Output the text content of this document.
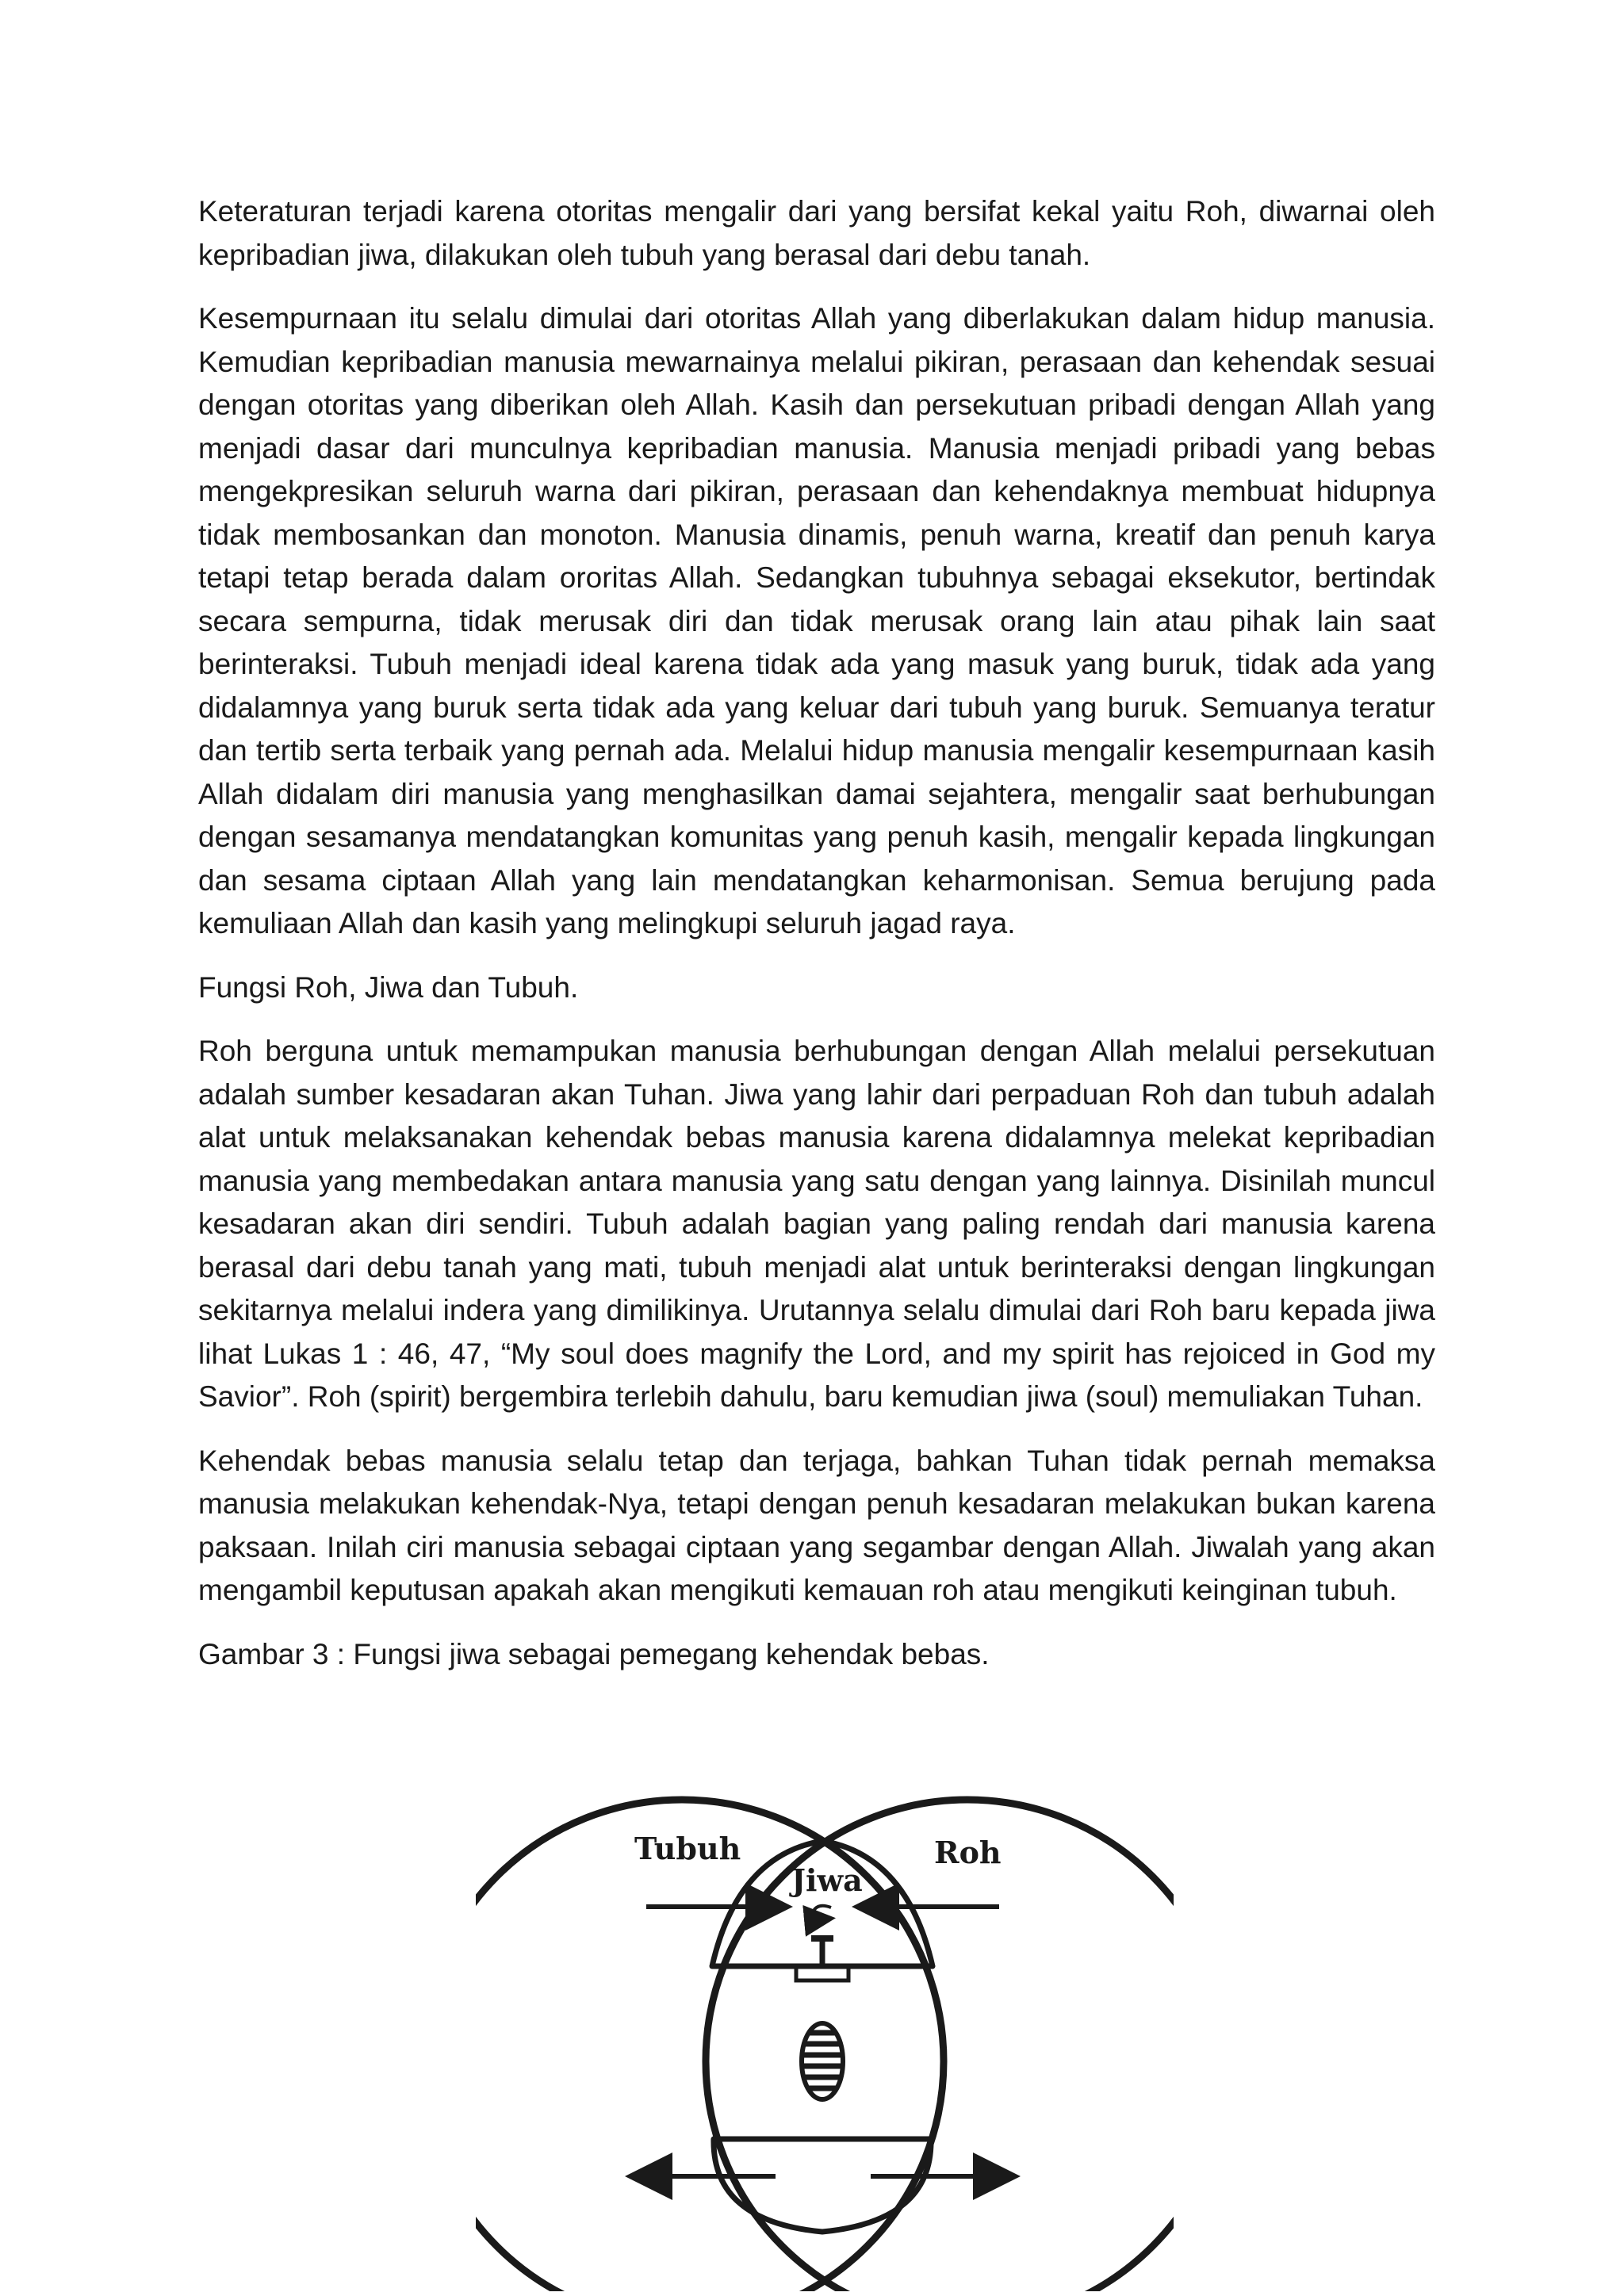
Keteraturan terjadi karena otoritas mengalir dari yang bersifat kekal yaitu Roh, diwarnai oleh kepribadian jiwa, dilakukan oleh tubuh yang berasal dari debu tanah.

Kesempurnaan itu selalu dimulai dari otoritas Allah yang diberlakukan dalam hidup manusia. Kemudian kepribadian manusia mewarnainya melalui pikiran, perasaan dan kehendak sesuai dengan otoritas yang diberikan oleh Allah. Kasih dan persekutuan pribadi dengan Allah yang menjadi dasar dari munculnya kepribadian manusia. Manusia menjadi pribadi yang bebas mengekpresikan seluruh warna dari pikiran, perasaan dan kehendaknya membuat hidupnya tidak membosankan dan monoton. Manusia dinamis, penuh warna, kreatif dan penuh karya tetapi tetap berada dalam ororitas Allah. Sedangkan tubuhnya sebagai eksekutor, bertindak secara sempurna, tidak merusak diri dan tidak merusak orang lain atau pihak lain saat berinteraksi. Tubuh menjadi ideal karena tidak ada yang masuk yang buruk, tidak ada yang didalamnya yang buruk serta tidak ada yang keluar dari tubuh yang buruk. Semuanya teratur dan tertib serta terbaik yang pernah ada. Melalui hidup manusia mengalir kesempurnaan kasih Allah didalam diri manusia yang menghasilkan damai sejahtera, mengalir saat berhubungan dengan sesamanya mendatangkan komunitas yang penuh kasih, mengalir kepada lingkungan dan sesama ciptaan Allah yang lain mendatangkan keharmonisan. Semua berujung pada kemuliaan Allah dan kasih yang melingkupi seluruh jagad raya.

Fungsi Roh, Jiwa dan Tubuh.

Roh berguna untuk memampukan manusia berhubungan dengan Allah melalui persekutuan adalah sumber kesadaran akan Tuhan. Jiwa yang lahir dari perpaduan Roh dan tubuh adalah alat untuk melaksanakan kehendak bebas manusia karena didalamnya melekat kepribadian manusia yang membedakan antara manusia yang satu dengan yang lainnya. Disinilah muncul kesadaran akan diri sendiri. Tubuh adalah bagian yang paling rendah dari manusia karena berasal dari debu tanah yang mati, tubuh menjadi alat untuk berinteraksi dengan lingkungan sekitarnya melalui indera yang dimilikinya. Urutannya selalu dimulai dari Roh baru kepada jiwa lihat Lukas 1 : 46, 47, “My soul does magnify the Lord, and my spirit has rejoiced in God my Savior”. Roh (spirit) bergembira terlebih dahulu, baru kemudian jiwa (soul) memuliakan Tuhan.

Kehendak bebas manusia selalu tetap dan terjaga, bahkan Tuhan tidak pernah memaksa manusia melakukan kehendak-Nya, tetapi dengan penuh kesadaran melakukan bukan karena paksaan. Inilah ciri manusia sebagai ciptaan yang segambar dengan Allah. Jiwalah yang akan mengambil keputusan apakah akan mengikuti kemauan roh atau mengikuti keinginan tubuh.

Gambar 3 : Fungsi jiwa sebagai pemegang kehendak bebas.

Tubuh	Roh
Jiwa
